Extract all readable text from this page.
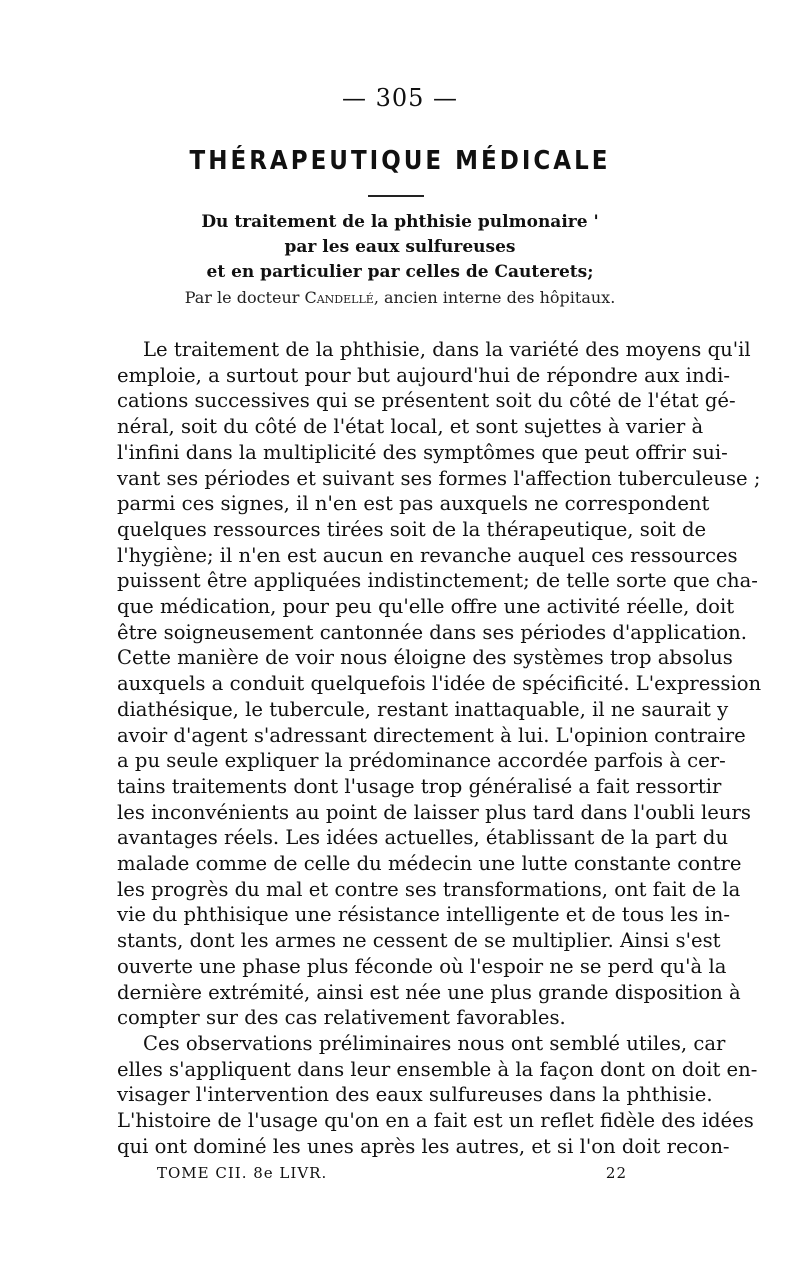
— 305 —
THÉRAPEUTIQUE MÉDICALE
Du traitement de la phthisie pulmonaire '
par les eaux sulfureuses
et en particulier par celles de Cauterets;
Par le docteur Candellé, ancien interne des hôpitaux.
Le traitement de la phthisie, dans la variété des moyens qu'il
emploie, a surtout pour but aujourd'hui de répondre aux indi-
cations successives qui se présentent soit du côté de l'état gé-
néral, soit du côté de l'état local, et sont sujettes à varier à
l'infini dans la multiplicité des symptômes que peut offrir sui-
vant ses périodes et suivant ses formes l'affection tuberculeuse ;
parmi ces signes, il n'en est pas auxquels ne correspondent
quelques ressources tirées soit de la thérapeutique, soit de
l'hygiène; il n'en est aucun en revanche auquel ces ressources
puissent être appliquées indistinctement; de telle sorte que cha-
que médication, pour peu qu'elle offre une activité réelle, doit
être soigneusement cantonnée dans ses périodes d'application.
Cette manière de voir nous éloigne des systèmes trop absolus
auxquels a conduit quelquefois l'idée de spécificité. L'expression
diathésique, le tubercule, restant inattaquable, il ne saurait y
avoir d'agent s'adressant directement à lui. L'opinion contraire
a pu seule expliquer la prédominance accordée parfois à cer-
tains traitements dont l'usage trop généralisé a fait ressortir
les inconvénients au point de laisser plus tard dans l'oubli leurs
avantages réels. Les idées actuelles, établissant de la part du
malade comme de celle du médecin une lutte constante contre
les progrès du mal et contre ses transformations, ont fait de la
vie du phthisique une résistance intelligente et de tous les in-
stants, dont les armes ne cessent de se multiplier. Ainsi s'est
ouverte une phase plus féconde où l'espoir ne se perd qu'à la
dernière extrémité, ainsi est née une plus grande disposition à
compter sur des cas relativement favorables.
Ces observations préliminaires nous ont semblé utiles, car
elles s'appliquent dans leur ensemble à la façon dont on doit en-
visager l'intervention des eaux sulfureuses dans la phthisie.
L'histoire de l'usage qu'on en a fait est un reflet fidèle des idées
qui ont dominé les unes après les autres, et si l'on doit recon-
TOME CII. 8e LIVR.	22
